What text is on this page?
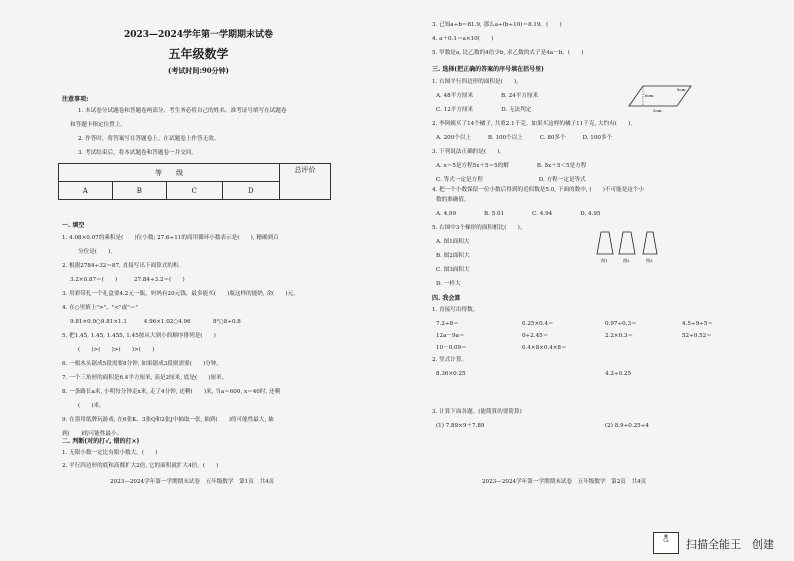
2023—2024学年第一学期期末试卷
五年级数学
(考试时间:90分钟)
注意事项:
1. 本试卷分试题卷和答题卷两部分，考生务必将自己的姓名、准考证号填写在试题卷
和答题卡指定位置上。
2. 作答时，将答案写在答题卷上。在试题卷上作答无效。
3. 考试结束后，将本试题卷和答题卷一并交回。
等　　级				总评价
A	B	C	D	
一. 填空
1. 4.08×0.07的乘积是(　　)位小数; 27.6÷11的商用循环小数表示是(　　), 精确到百
分位是(　　)。
2. 根据2784÷32＝87, 直接写出下面算式的积。
3.2×0.87＝(　　)　　　27.84÷3.2＝(　　)
3. 用彩带扎一个礼盒要4.2元一瓶，妈妈有20元钱，最多能买(　　)瓶这样的能奶, 余(　　)元。
4. 在○里填上">"、"<"或"＝"
9.81×0.9○9.81×1.1　　　4.96×1.02○4.96　　　　8²○8÷0.8
5. 把1.45̇, 1.45, 1.45̇5, 1.4̇5按从大到小的顺序排列是(　　)
(　　)>(　　)>(　　)>(　　)
6. 一根木头锯成5段需要8分钟, 如果锯成3段则需要(　　)分钟。
7. 一个三角形的面积是6.4平方厘米, 高是2厘米, 底是(　　)厘米。
8. 一条路长a米, 小明每分钟走x米, 走了4分钟, 还剩(　　)米, 当a＝600, x＝40时, 还剩
(　　)米。
9. 在墨用纸牌玩游戏, 在6张K、3张Q和2张J中抽取一张, 抽到(　　)的可能性最大, 抽
到(　　)的可能性最小。
二. 判断(对的打√, 错的打×)
1. 无限小数一定比有限小数大。(　　)
2. 平行四边形的底和高都扩大2倍, 它的面积就扩大4倍。(　　)
2023—2024学年第一学期期末试卷　五年级数学　第1页　共4页
3. 已知a÷b＝81.9, 那么a÷(b÷10)＝8.19。(　　)
4. a＋0.1＝a×10(　　)
5. 甲数是a, 比乙数的4倍少b, 求乙数的式子是4a－b。(　　)
三. 选择(把正确的答案的序号填在括号里)
1. 右图平行四边形的面积是(　　)。
A. 48平方厘米　　　　　B. 24平方厘米
C. 12平方厘米　　　　　D. 无法判定
2. 李阿姨买了14个橘子, 共重2.1千克。如果买这样的橘子11千克, 大约有(　　)。
A. 200个以上　　　B. 100个以上　　　C. 80多个　　　D. 100多个
3. 下列说法正确的是(　　)。
A. x＝5是方程5x＋5＝5的解　　　　　B. 5x＋5＜5是方程
C. 等式一定是方程　　　　　　　　　　D. 方程一定是等式
4. 把一个小数保留一位小数后得到的近似数是5.0, 下面的数中, (　　)不可能是这个小
数的准确值。
A. 4.99　　　　　B. 5.01　　　　　C. 4.94　　　　　D. 4.95
5. 右图中3个梯形的面积相比(　　)。
A. 图1面积大
B. 图2面积大
C. 图3面积大
D. 一样大
8cm
6cm
5cm
图1	图2	图3
四. 我会算
1. 直接写出得数。
7.2÷8＝	0.25×0.4＝	0.97÷0.3＝	4.5÷9÷5＝
12a－9a＝	0÷2.45＝	2.2×0.3＝	52÷0.52＝
10－0.09＝	0.4×8×0.4×8＝
2. 竖式计算。
8.36×0.25	4.2÷0.25
3. 计算下面各题。(能简算的要简算)
(1) 7.89×9＋7.89	(2) 8.9÷0.25÷4
2023—2024学年第一学期期末试卷　五年级数学　第2页　共4页
▦
CS	扫描全能王　创建
